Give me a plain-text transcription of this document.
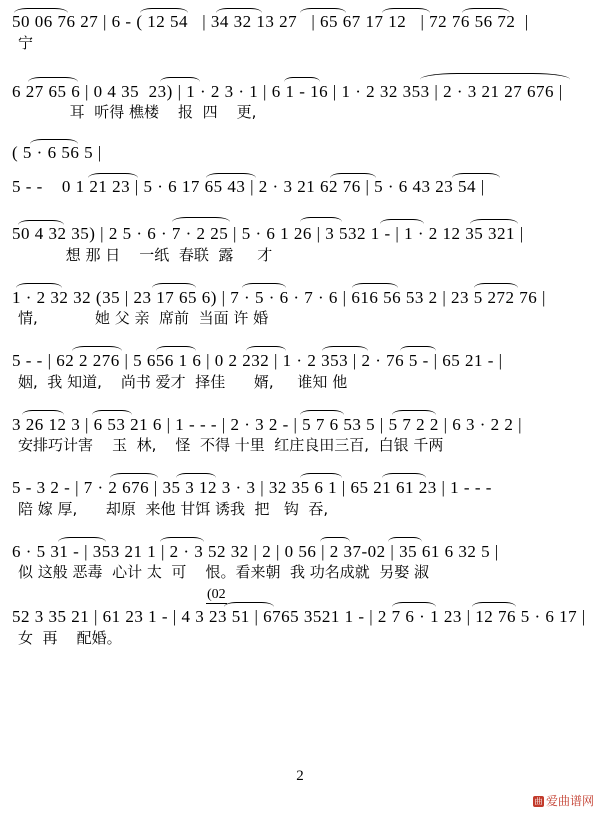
50 06 76 27 | 6 - ( 12 54   | 34 32 13 27   | 65 67 17 12   | 72 76 56 72  |
宁
6 27 65 6 | 0 4 35  23) | 1 · 2 3 · 1 | 6 1 - 16 | 1 · 2 32 353 | 2 · 3 21 27 676 |
耳  听得 樵楼    报  四    更,
( 5 · 6 56 5 |
5 - -    0 1 21 23 | 5 · 6 17 65 43 | 2 · 3 21 62 76 | 5 · 6 43 23 54 |
50 4 32 35) | 2 5 · 6 · 7 · 2 25 | 5 · 6 1 26 | 3 532 1 - | 1 · 2 12 35 321 |
想 那 日    一纸  春联  露     才
1 · 2 32 32 (35 | 23 17 65 6) | 7 · 5 · 6 · 7 · 6 | 616 56 53 2 | 23 5 272 76 |
情,            她 父 亲  席前  当面 许 婚
5 - - | 62 2 276 | 5 656 1 6 | 0 2 232 | 1 · 2 353 | 2 · 76 5 - | 65 21 - |
姻,  我 知道,    尚书 爱才  择佳      婿,     谁知 他
3 26 12 3 | 6 53 21 6 | 1 - - - | 2 · 3 2 - | 5 7 6 53 5 | 5 7 2 2 | 6 3 · 2 2 |
安排巧计害    玉  林,    怪  不得 十里  红庄良田三百,  白银 千两
5 - 3 2 - | 7 · 2 676 | 35 3 12 3 · 3 | 32 35 6 1 | 65 21 61 23 | 1 - - -
陪 嫁 厚,      却原  来他 甘饵 诱我  把   钩  吞,
6 · 5 31 - | 353 21 1 | 2 · 3 52 32 | 2 | 0 56 | 2 37-02 | 35 61 6 32 5 |
似 这般 恶毒  心计 太  可    恨。看来朝  我 功名成就  另娶 淑
52 3 35 21 | 61 23 1 - | 4 3 23 51 | 6765 3521 1 - | 2 7 6 · 1 23 | 12 76 5 · 6 17 |
女  再    配婚。
(02
2
曲 爱曲谱网
